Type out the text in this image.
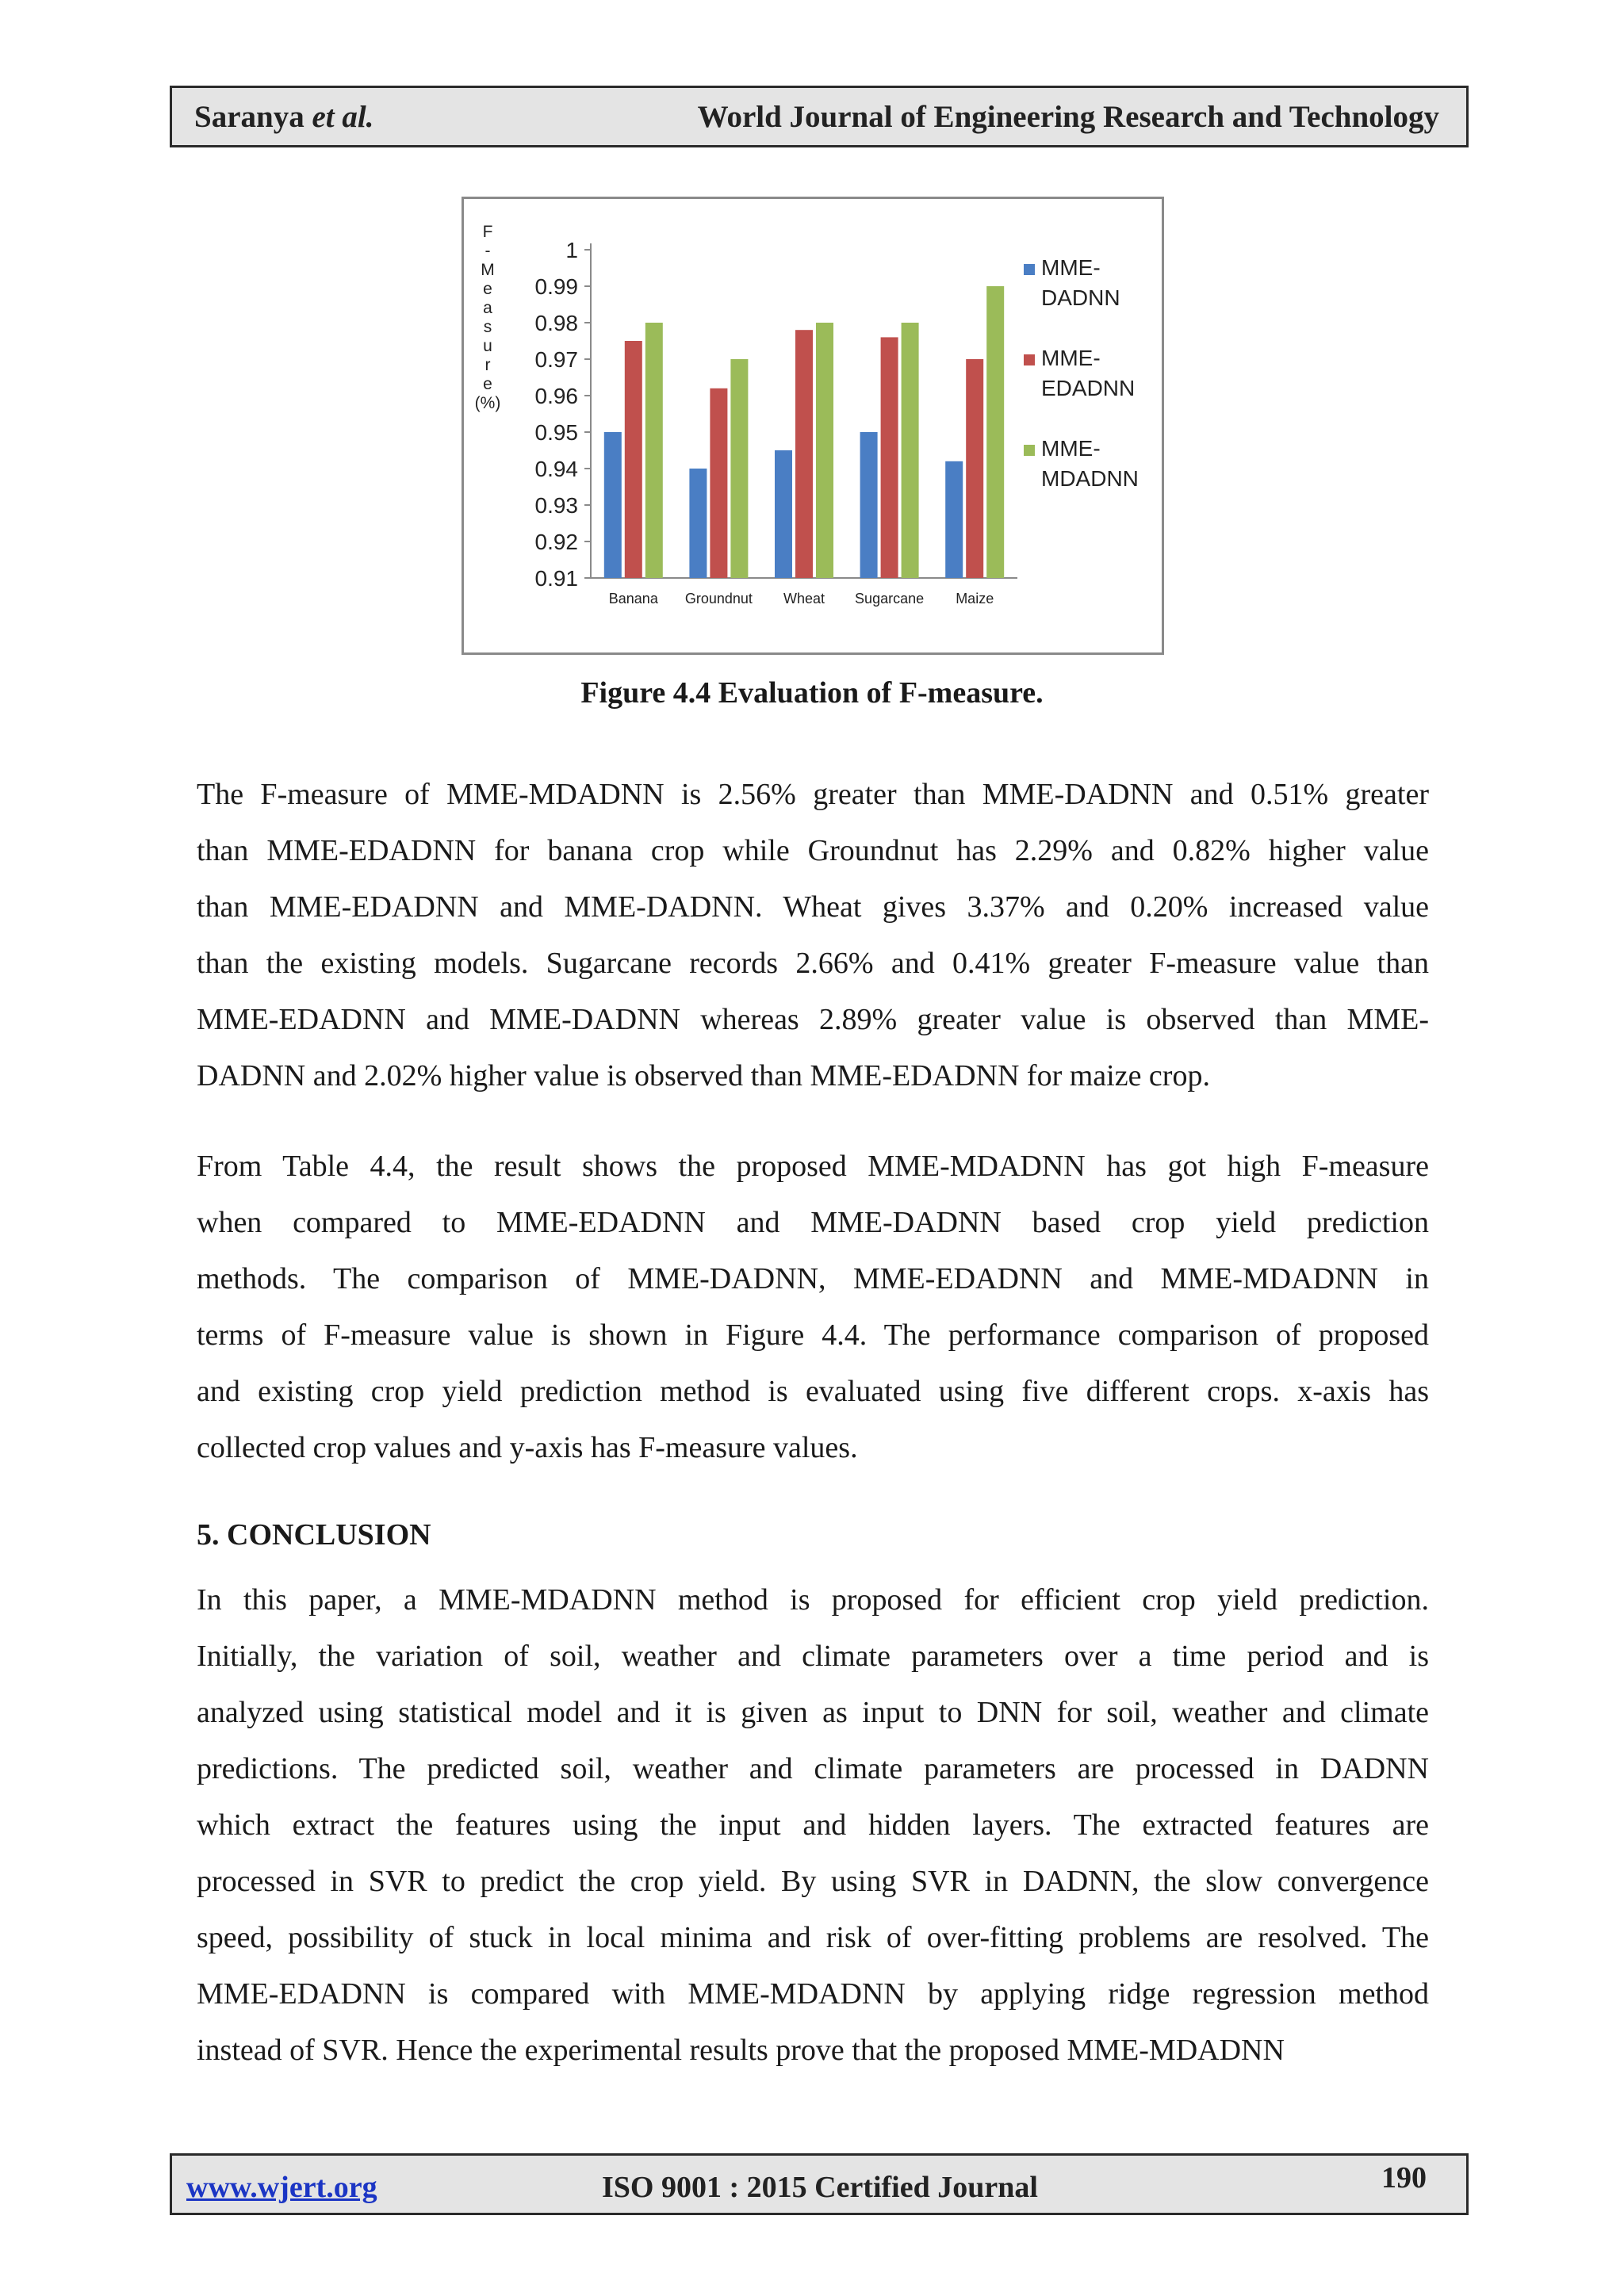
Saranya et al.	World Journal of Engineering Research and Technology
F
-
M
e
a
s
u
r
e
(%)
0.91
0.92
0.93
0.94
0.95
0.96
0.97
0.98
0.99
1
Banana Groundnut Wheat Sugarcane Maize
MME-
DADNN
MME-
EDADNN
MME-
MDADNN
Figure 4.4 Evaluation of F-measure.
The F-measure of MME-MDADNN is 2.56% greater than MME-DADNN and 0.51% greater
than MME-EDADNN for banana crop while Groundnut has 2.29% and 0.82% higher value
than MME-EDADNN and MME-DADNN. Wheat gives 3.37% and 0.20% increased value
than the existing models. Sugarcane records 2.66% and 0.41% greater F-measure value than
MME-EDADNN and MME-DADNN whereas 2.89% greater value is observed than MME-
DADNN and 2.02% higher value is observed than MME-EDADNN for maize crop.
From Table 4.4, the result shows the proposed MME-MDADNN has got high F-measure
when compared to MME-EDADNN and MME-DADNN based crop yield prediction
methods. The comparison of MME-DADNN, MME-EDADNN and MME-MDADNN in
terms of F-measure value is shown in Figure 4.4. The performance comparison of proposed
and existing crop yield prediction method is evaluated using five different crops. x-axis has
collected crop values and y-axis has F-measure values.
5. CONCLUSION
In this paper, a MME-MDADNN method is proposed for efficient crop yield prediction.
Initially, the variation of soil, weather and climate parameters over a time period and is
analyzed using statistical model and it is given as input to DNN for soil, weather and climate
predictions. The predicted soil, weather and climate parameters are processed in DADNN
which extract the features using the input and hidden layers. The extracted features are
processed in SVR to predict the crop yield. By using SVR in DADNN, the slow convergence
speed, possibility of stuck in local minima and risk of over-fitting problems are resolved. The
MME-EDADNN is compared with MME-MDADNN by applying ridge regression method
instead of SVR. Hence the experimental results prove that the proposed MME-MDADNN
www.wjert.org	ISO 9001 : 2015 Certified Journal	190
